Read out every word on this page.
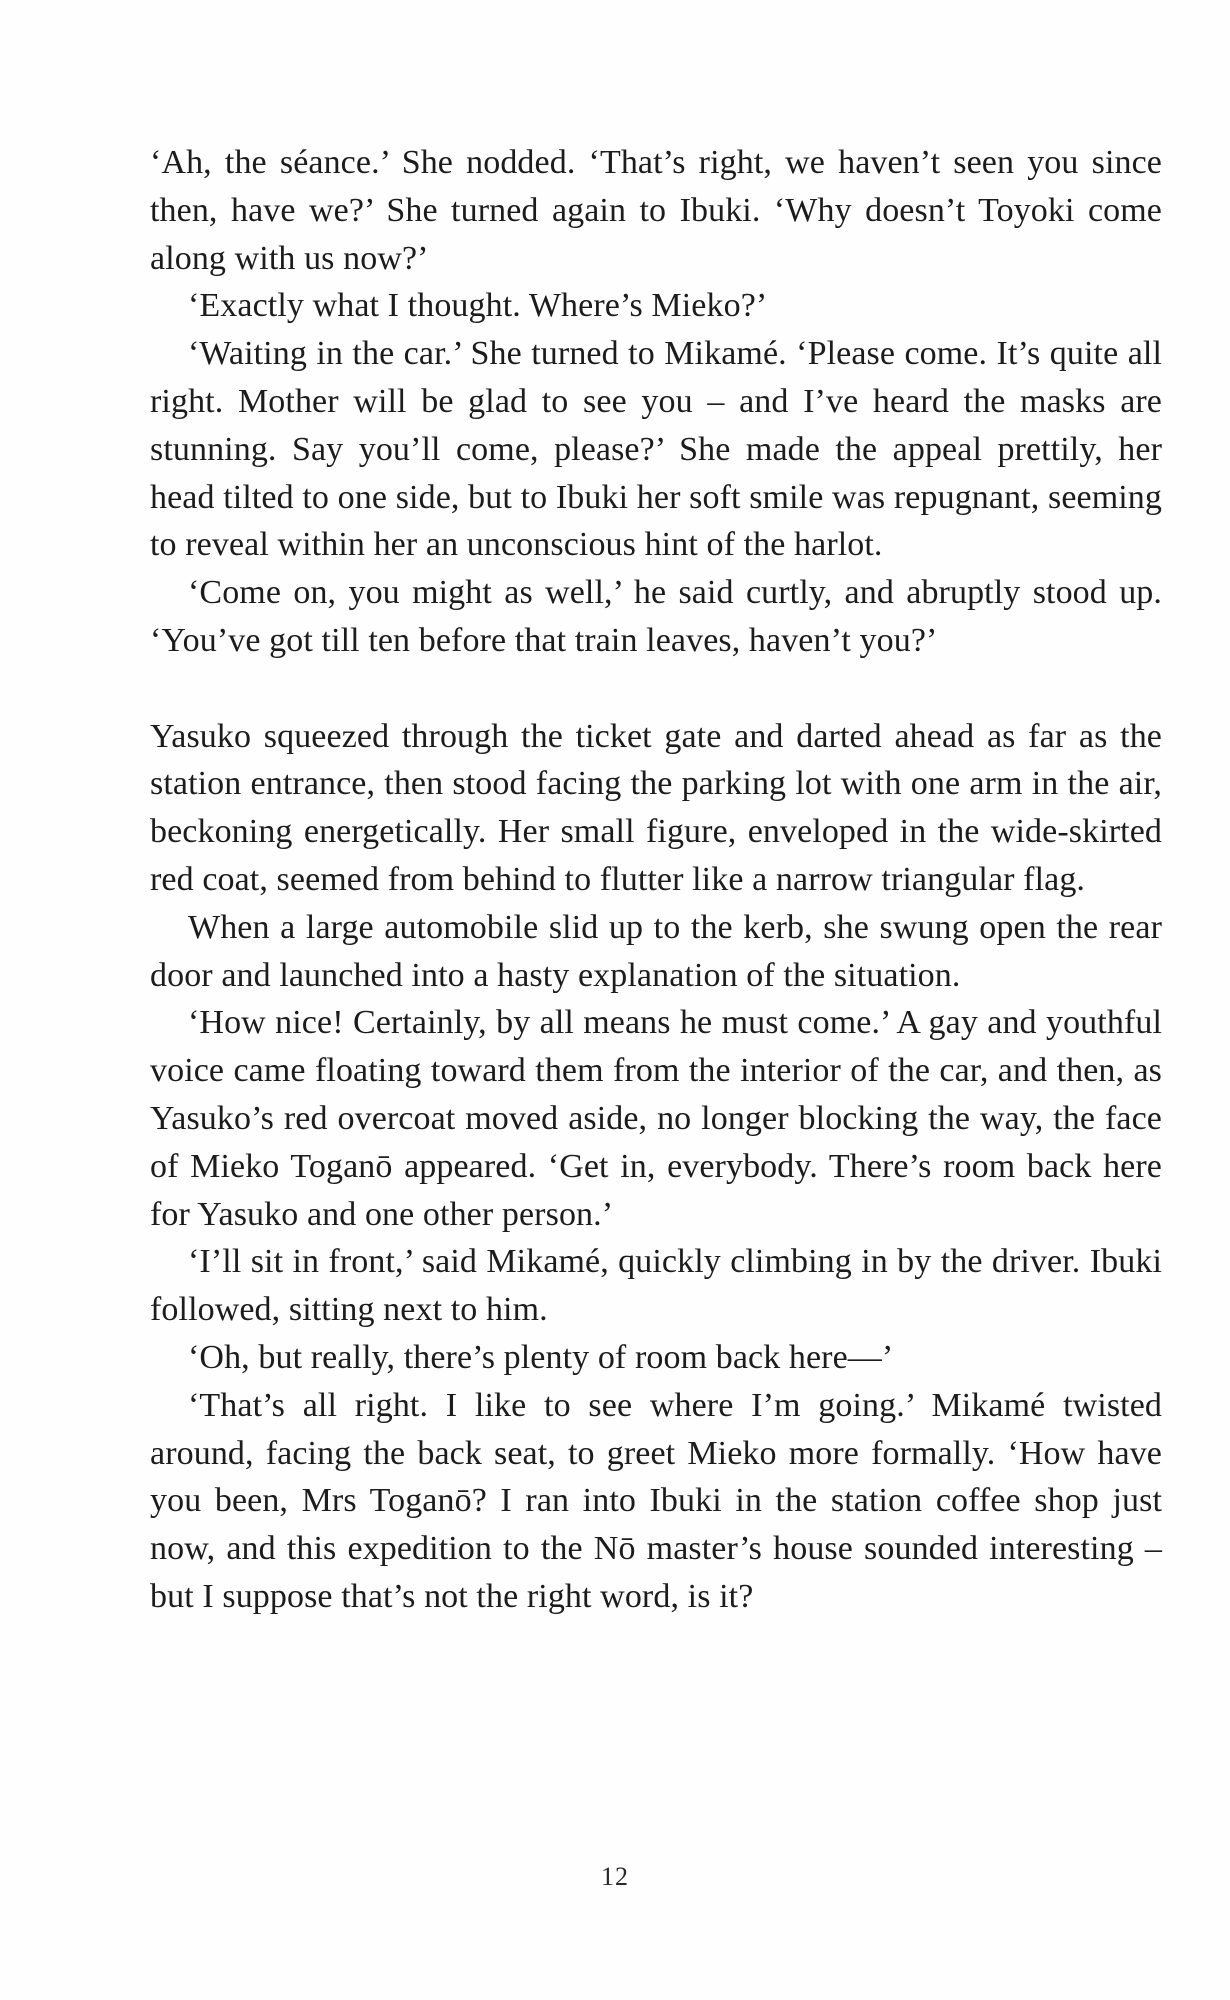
‘Ah, the séance.’ She nodded. ‘That’s right, we haven’t seen you since then, have we?’ She turned again to Ibuki. ‘Why doesn’t Toyoki come along with us now?’

‘Exactly what I thought. Where’s Mieko?’

‘Waiting in the car.’ She turned to Mikamé. ‘Please come. It’s quite all right. Mother will be glad to see you – and I’ve heard the masks are stunning. Say you’ll come, please?’ She made the appeal prettily, her head tilted to one side, but to Ibuki her soft smile was repugnant, seeming to reveal within her an unconscious hint of the harlot.

‘Come on, you might as well,’ he said curtly, and abruptly stood up. ‘You’ve got till ten before that train leaves, haven’t you?’

Yasuko squeezed through the ticket gate and darted ahead as far as the station entrance, then stood facing the parking lot with one arm in the air, beckoning energetically. Her small figure, enveloped in the wide-skirted red coat, seemed from behind to flutter like a narrow triangular flag.

When a large automobile slid up to the kerb, she swung open the rear door and launched into a hasty explanation of the situation.

‘How nice! Certainly, by all means he must come.’ A gay and youthful voice came floating toward them from the interior of the car, and then, as Yasuko’s red overcoat moved aside, no longer blocking the way, the face of Mieko Toganō appeared. ‘Get in, everybody. There’s room back here for Yasuko and one other person.’

‘I’ll sit in front,’ said Mikamé, quickly climbing in by the driver. Ibuki followed, sitting next to him.

‘Oh, but really, there’s plenty of room back here—’

‘That’s all right. I like to see where I’m going.’ Mikamé twisted around, facing the back seat, to greet Mieko more formally. ‘How have you been, Mrs Toganō? I ran into Ibuki in the station coffee shop just now, and this expedition to the Nō master’s house sounded interesting – but I suppose that’s not the right word, is it?

12
